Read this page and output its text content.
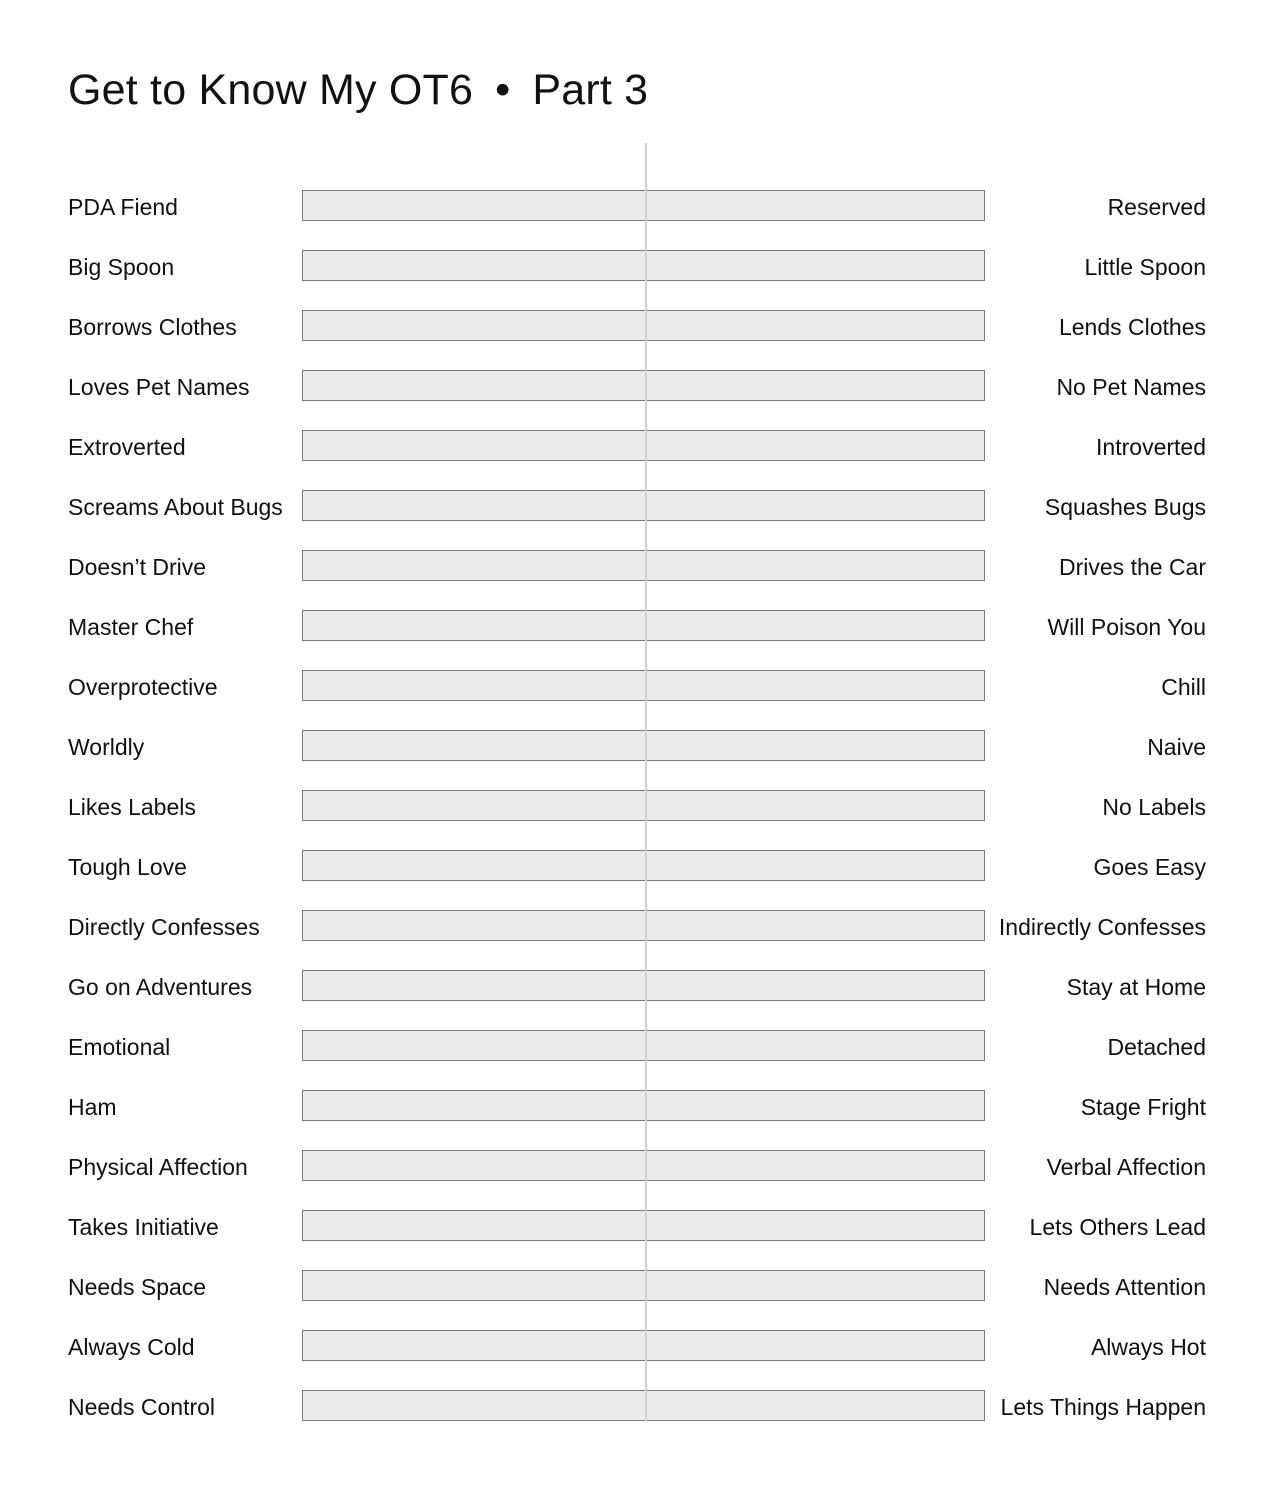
Get to Know My OT6 • Part 3
PDA Fiend	Reserved
Big Spoon	Little Spoon
Borrows Clothes	Lends Clothes
Loves Pet Names	No Pet Names
Extroverted	Introverted
Screams About Bugs	Squashes Bugs
Doesn’t Drive	Drives the Car
Master Chef	Will Poison You
Overprotective	Chill
Worldly	Naive
Likes Labels	No Labels
Tough Love	Goes Easy
Directly Confesses	Indirectly Confesses
Go on Adventures	Stay at Home
Emotional	Detached
Ham	Stage Fright
Physical Affection	Verbal Affection
Takes Initiative	Lets Others Lead
Needs Space	Needs Attention
Always Cold	Always Hot
Needs Control	Lets Things Happen
